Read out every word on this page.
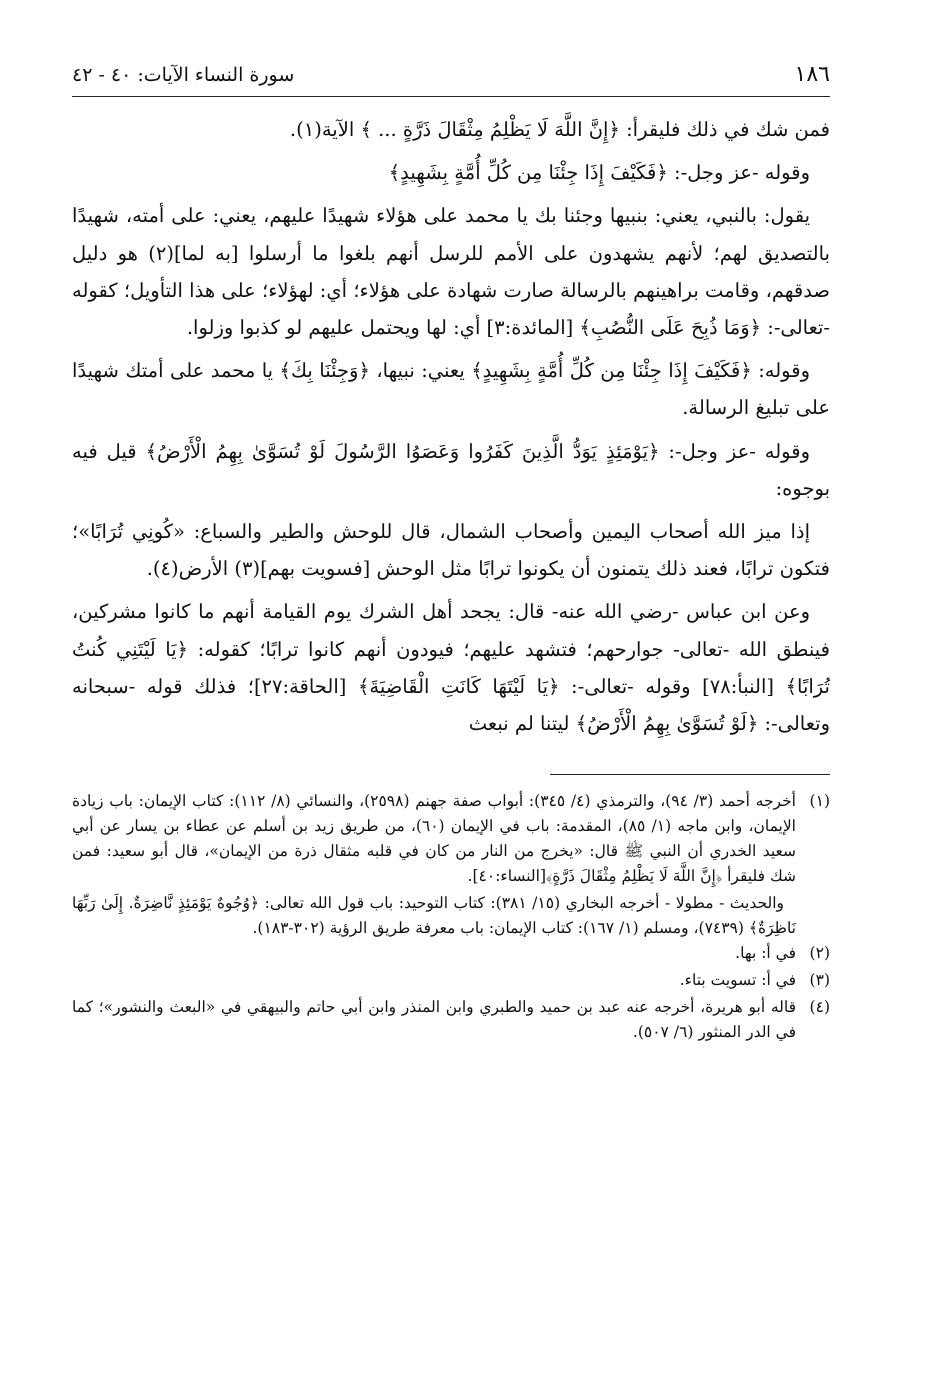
١٨٦
سورة النساء الآيات: ٤٠ - ٤٢

فمن شك في ذلك فليقرأ: ﴿إِنَّ اللَّهَ لَا يَظْلِمُ مِثْقَالَ ذَرَّةٍ ... ﴾ الآية(١).

وقوله -عز وجل-: ﴿فَكَيْفَ إِذَا جِئْنَا مِن كُلِّ أُمَّةٍ بِشَهِيدٍ﴾

يقول: بالنبي، يعني: بنبيها وجئنا بك يا محمد على هؤلاء شهيدًا عليهم، يعني: على أمته، شهيدًا بالتصديق لهم؛ لأنهم يشهدون على الأمم للرسل أنهم بلغوا ما أرسلوا [به لما](٢) هو دليل صدقهم، وقامت براهينهم بالرسالة صارت شهادة على هؤلاء؛ أي: لهؤلاء؛ على هذا التأويل؛ كقوله -تعالى-: ﴿وَمَا ذُبِحَ عَلَى النُّصُبِ﴾ [المائدة:٣] أي: لها ويحتمل عليهم لو كذبوا وزلوا.

وقوله: ﴿فَكَيْفَ إِذَا جِئْنَا مِن كُلِّ أُمَّةٍ بِشَهِيدٍ﴾ يعني: نبيها، ﴿وَجِئْنَا بِكَ﴾ يا محمد على أمتك شهيدًا على تبليغ الرسالة.

وقوله -عز وجل-: ﴿يَوْمَئِذٍ يَوَدُّ الَّذِينَ كَفَرُوا وَعَصَوُا الرَّسُولَ لَوْ تُسَوَّىٰ بِهِمُ الْأَرْضُ﴾ قيل فيه بوجوه:

إذا ميز الله أصحاب اليمين وأصحاب الشمال، قال للوحش والطير والسباع: «كُونِي تُرَابًا»؛ فتكون ترابًا، فعند ذلك يتمنون أن يكونوا ترابًا مثل الوحش [فسويت بهم](٣) الأرض(٤).

وعن ابن عباس -رضي الله عنه- قال: يجحد أهل الشرك يوم القيامة أنهم ما كانوا مشركين، فينطق الله -تعالى- جوارحهم؛ فتشهد عليهم؛ فيودون أنهم كانوا ترابًا؛ كقوله: ﴿يَا لَيْتَنِي كُنتُ تُرَابًا﴾ [النبأ:٧٨] وقوله -تعالى-: ﴿يَا لَيْتَهَا كَانَتِ الْقَاضِيَةَ﴾ [الحاقة:٢٧]؛ فذلك قوله -سبحانه وتعالى-: ﴿لَوْ تُسَوَّىٰ بِهِمُ الْأَرْضُ﴾ ليتنا لم نبعث

(١)
أخرجه أحمد (٣/ ٩٤)، والترمذي (٤/ ٣٤٥): أبواب صفة جهنم (٢٥٩٨)، والنسائي (٨/ ١١٢): كتاب الإيمان: باب زيادة الإيمان، وابن ماجه (١/ ٨٥)، المقدمة: باب في الإيمان (٦٠)، من طريق زيد بن أسلم عن عطاء بن يسار عن أبي سعيد الخدري أن النبي ﷺ قال: «يخرج من النار من كان في قلبه مثقال ذرة من الإيمان»، قال أبو سعيد: فمن شك فليقرأ ﴿إِنَّ اللَّهَ لَا يَظْلِمُ مِثْقَالَ ذَرَّةٍ﴾[النساء:٤٠].
والحديث - مطولا - أخرجه البخاري (١٥/ ٣٨١): كتاب التوحيد: باب قول الله تعالى: ﴿وُجُوهٌ يَوْمَئِذٍ نَّاضِرَةٌ. إِلَىٰ رَبِّهَا نَاظِرَةٌ﴾ (٧٤٣٩)، ومسلم (١/ ١٦٧): كتاب الإيمان: باب معرفة طريق الرؤية (٣٠٢-١٨٣).
(٢)
في أ: بها.
(٣)
في أ: تسويت بتاء.
(٤)
قاله أبو هريرة، أخرجه عنه عبد بن حميد والطبري وابن المنذر وابن أبي حاتم والبيهقي في «البعث والنشور»؛ كما في الدر المنثور (٦/ ٥٠٧).
